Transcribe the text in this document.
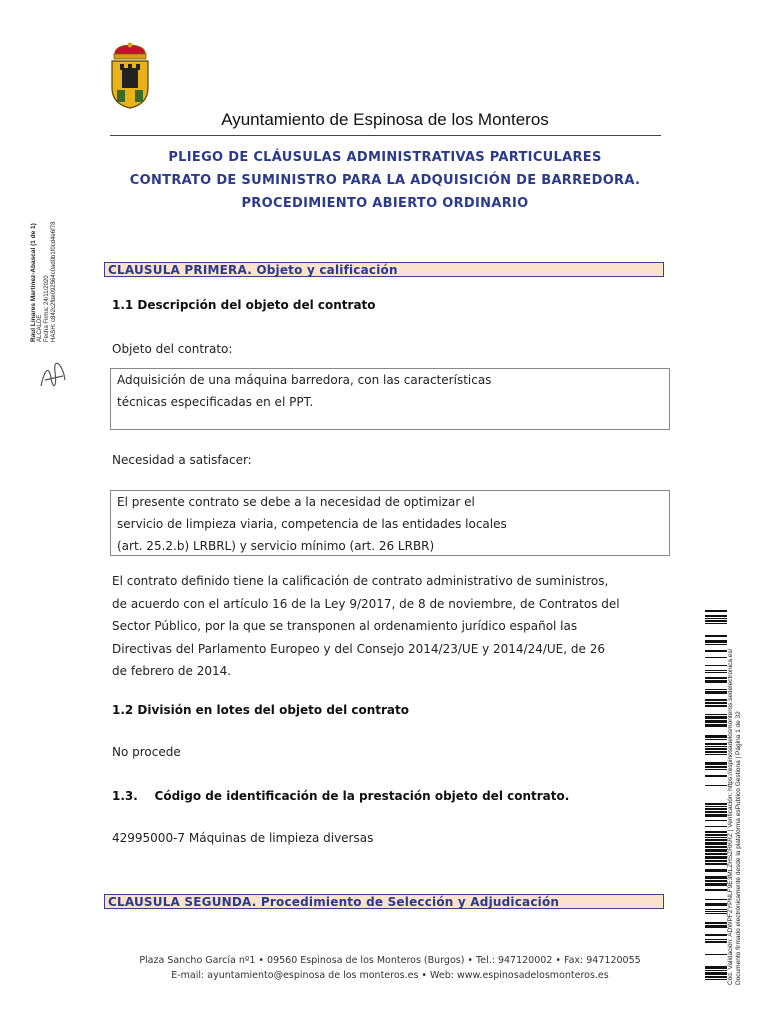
Ayuntamiento de Espinosa de los Monteros
PLIEGO DE CLÁUSULAS ADMINISTRATIVAS PARTICULARES
CONTRATO DE SUMINISTRO PARA LA ADQUISICIÓN DE BARREDORA.
PROCEDIMIENTO ABIERTO ORDINARIO
CLAUSULA PRIMERA. Objeto y calificación
1.1 Descripción del objeto del contrato
Objeto del contrato:
Adquisición de una máquina barredora, con las características
técnicas especificadas en el PPT.
Necesidad a satisfacer:
El presente contrato se debe a la necesidad de optimizar el
servicio de limpieza viaria, competencia de las entidades locales
(art. 25.2.b) LRBRL) y servicio mínimo (art. 26 LRBR)
El contrato definido tiene la calificación de contrato administrativo de suministros,
de acuerdo con el artículo 16 de la Ley 9/2017, de 8 de noviembre, de Contratos del
Sector Público, por la que se transponen al ordenamiento jurídico español las
Directivas del Parlamento Europeo y del Consejo 2014/23/UE y 2014/24/UE, de 26
de febrero de 2014.
1.2 División en lotes del objeto del contrato
No procede
1.3.    Código de identificación de la prestación objeto del contrato.
42995000-7 Máquinas de limpieza diversas
CLAUSULA SEGUNDA. Procedimiento de Selección y Adjudicación
Plaza Sancho García nº1 • 09560 Espinosa de los Monteros (Burgos) • Tel.: 947120002 • Fax: 947120055
E-mail: ayuntamiento@espinosa de los monteros.es • Web: www.espinosadelosmonteros.es
Raul Linares Martinez-Abascal (1 de 1) ALCALDE Fecha Firma: 24/11/2020 HASH: c842c2fbe092564c0ad0b1f0cd4e6f78
Cód. Validación: ADWPFZYPNLF9E3MLZHSZRKRZ | Verificación: https://espinosadelosmonteros.sedelectronica.es/ Documento firmado electrónicamente desde la plataforma esPublico Gestiona | Página 1 de 32
